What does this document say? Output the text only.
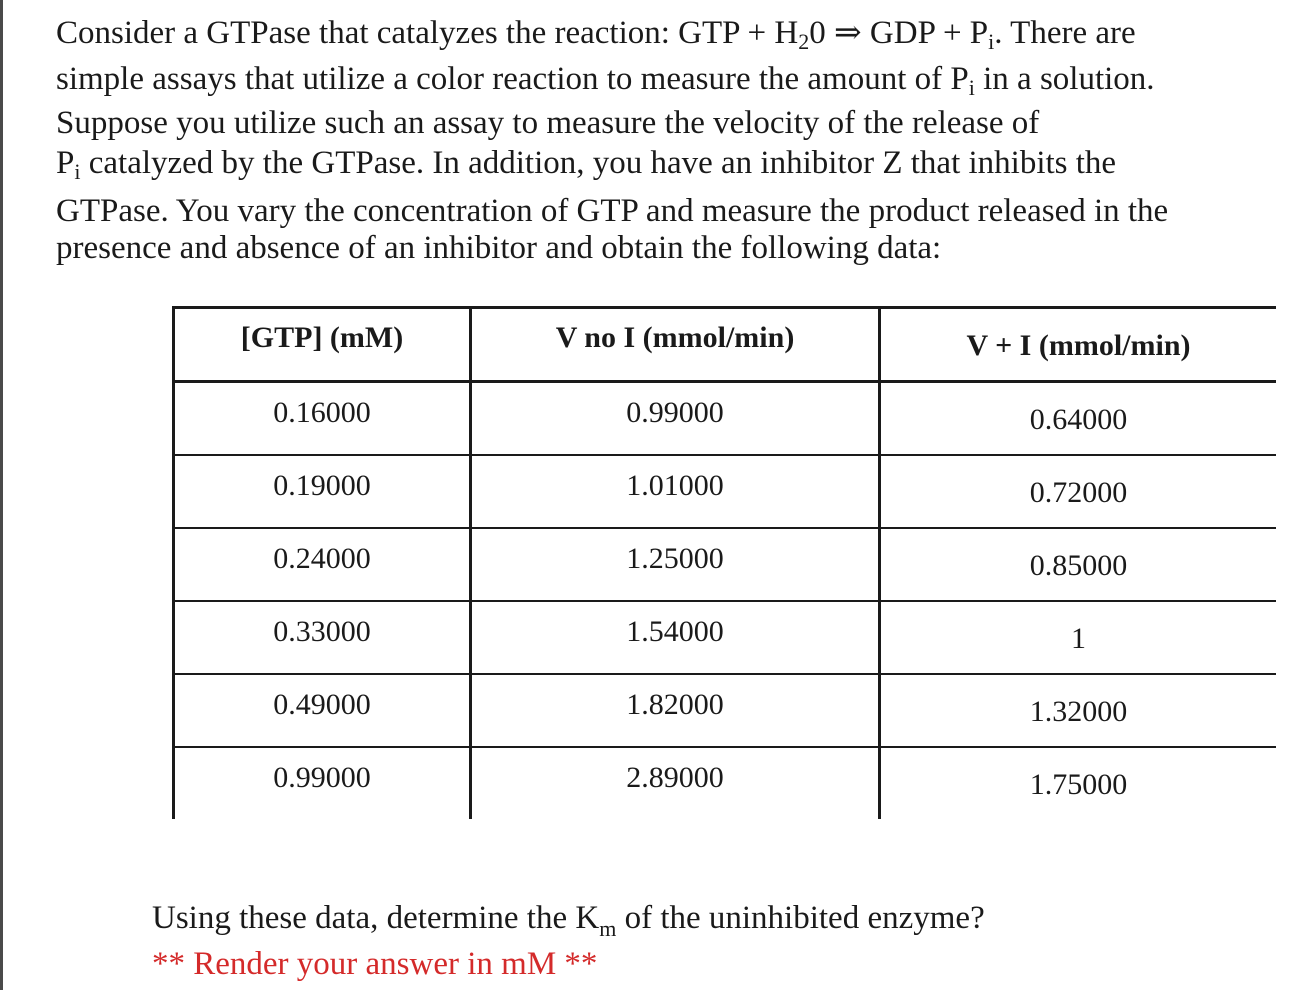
Consider a GTPase that catalyzes the reaction: GTP + $H_20$ ⇒ GDP + $P_i$. There are
simple assays that utilize a color reaction to measure the amount of $P_i$ in a solution.
Suppose you utilize such an assay to measure the velocity of the release of
$P_i$ catalyzed by the GTPase. In addition, you have an inhibitor Z that inhibits the
GTPase. You vary the concentration of GTP and measure the product released in the
presence and absence of an inhibitor and obtain the following data:
[GTP] (mM)	V no I (mmol/min)	V + I (mmol/min)
0.16000	0.99000	0.64000
0.19000	1.01000	0.72000
0.24000	1.25000	0.85000
0.33000	1.54000	1
0.49000	1.82000	1.32000
0.99000	2.89000	1.75000
Using these data, determine the $K_m$ of the uninhibited enzyme?
** Render your answer in mM **
